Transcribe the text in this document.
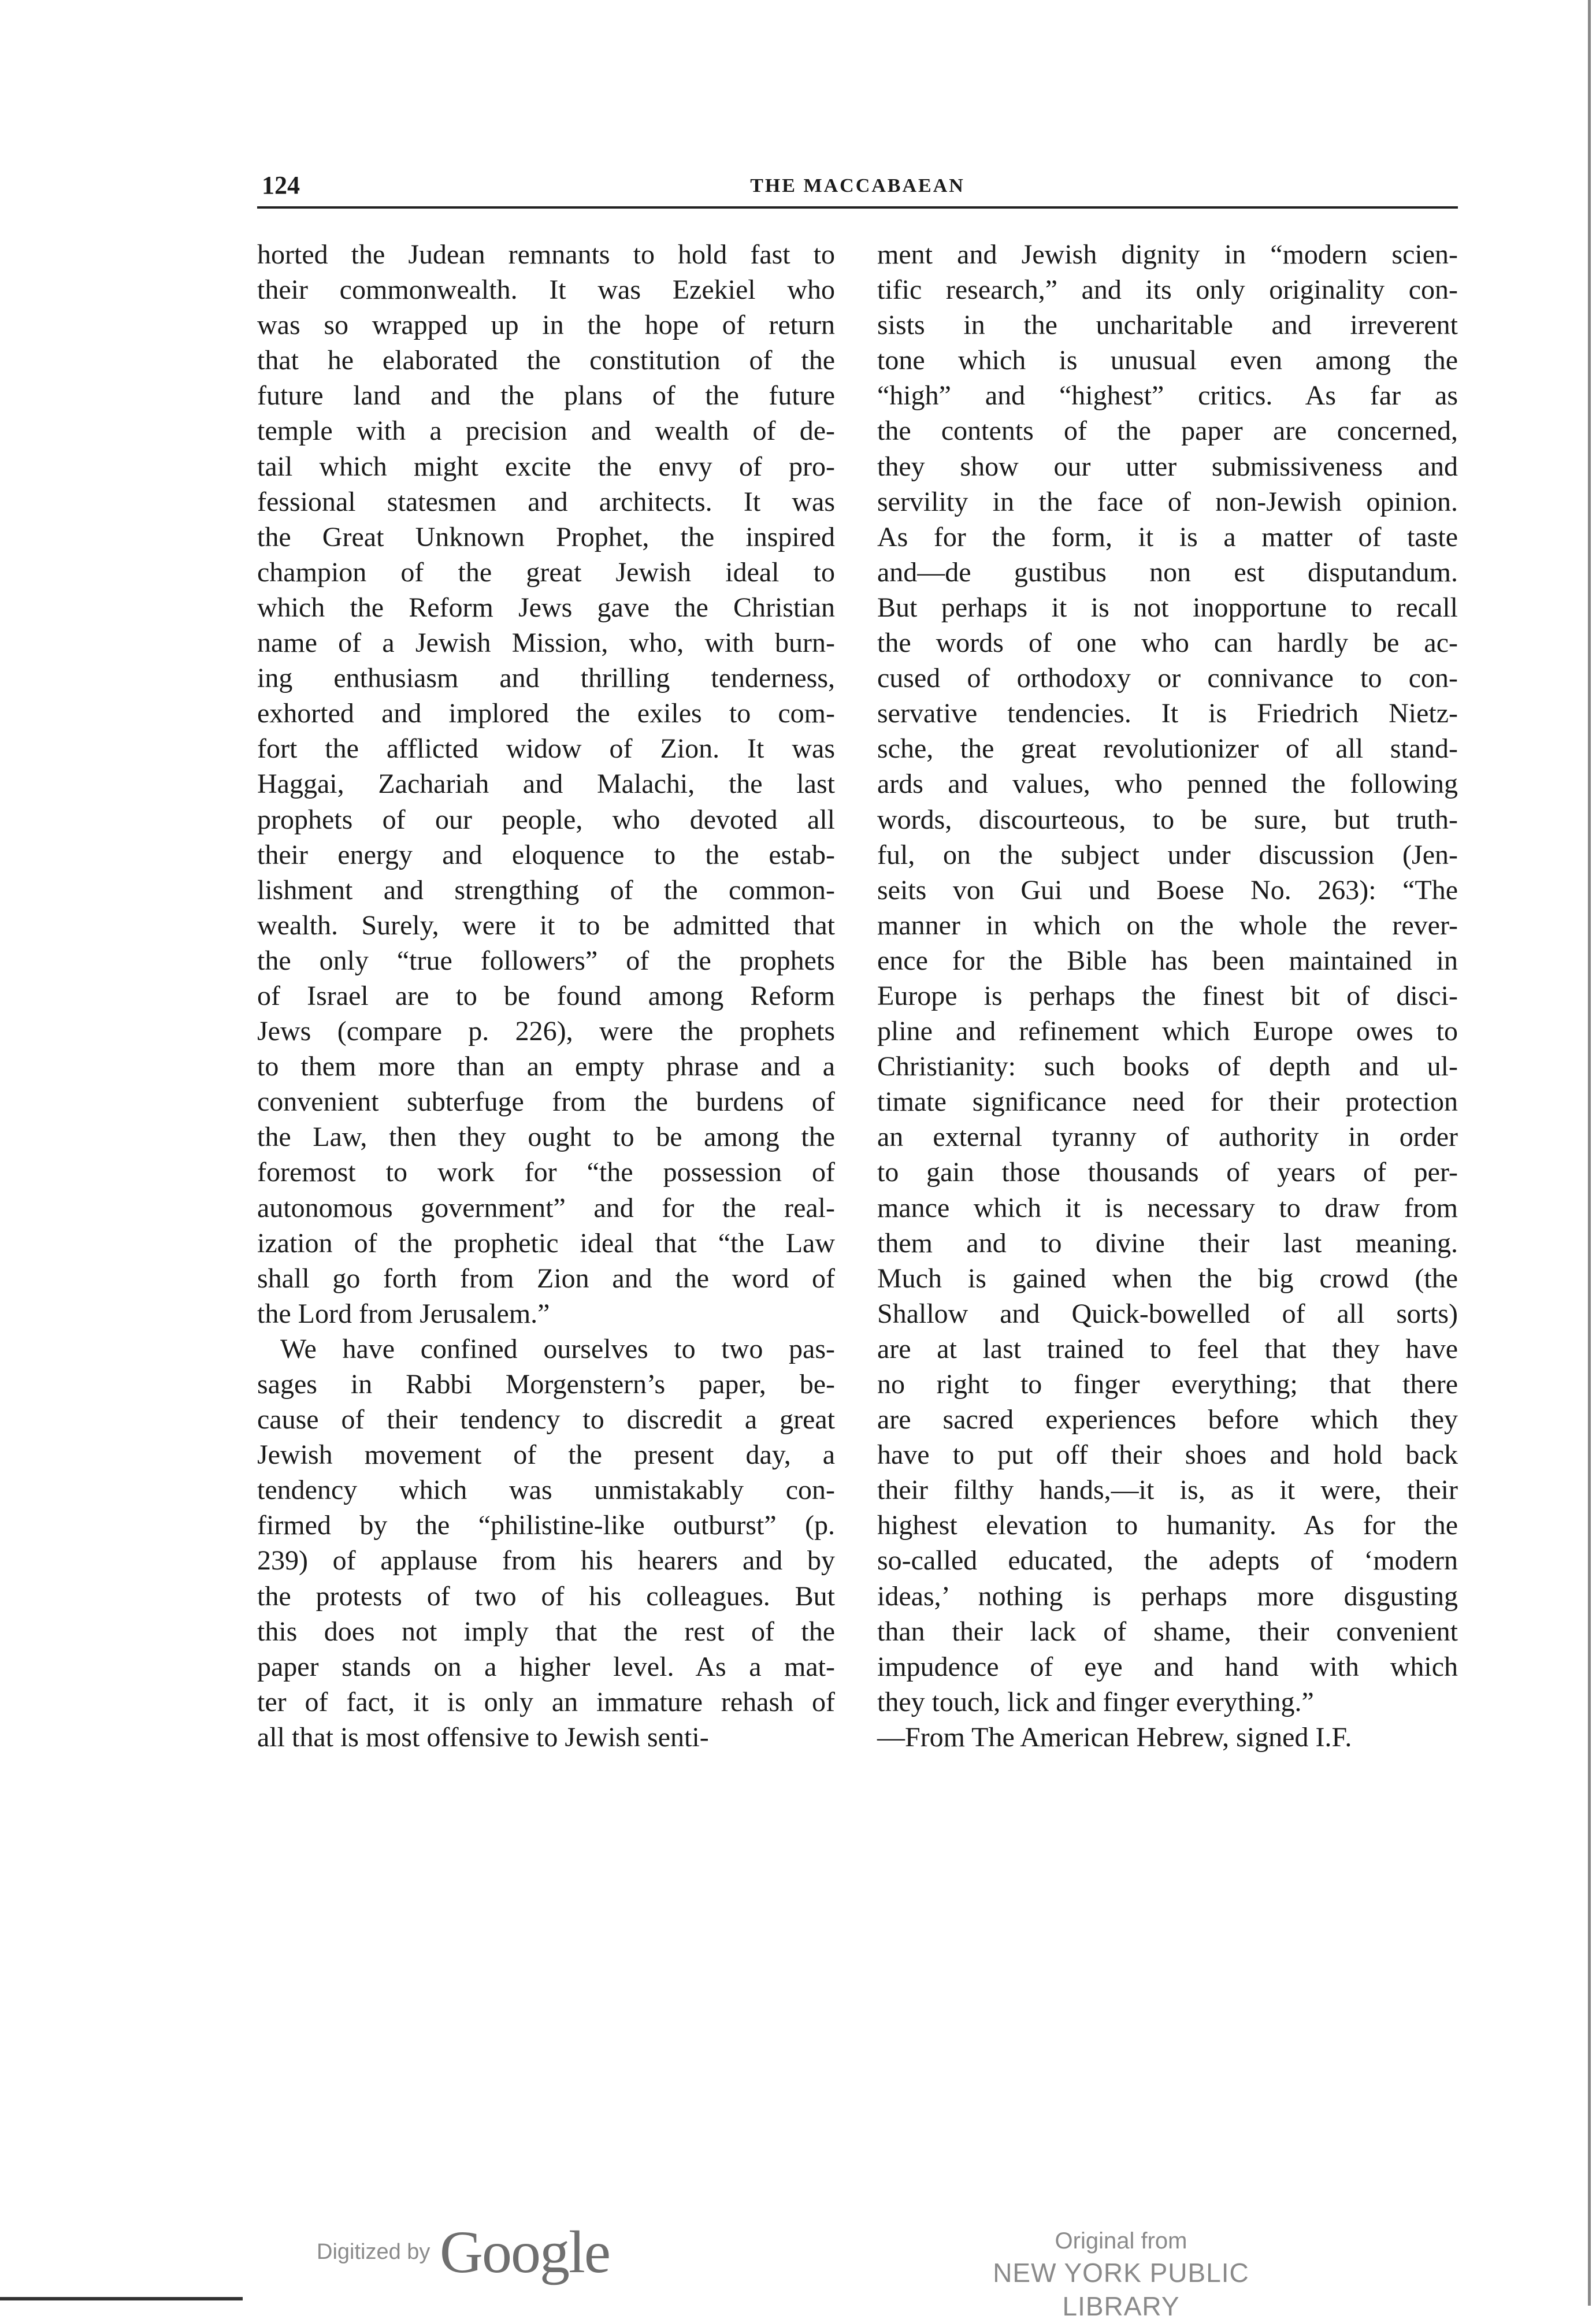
124	THE MACCABAEAN
horted the Judean remnants to hold fast to
their commonwealth. It was Ezekiel who
was so wrapped up in the hope of return
that he elaborated the constitution of the
future land and the plans of the future
temple with a precision and wealth of de-
tail which might excite the envy of pro-
fessional statesmen and architects. It was
the Great Unknown Prophet, the inspired
champion of the great Jewish ideal to
which the Reform Jews gave the Christian
name of a Jewish Mission, who, with burn-
ing enthusiasm and thrilling tenderness,
exhorted and implored the exiles to com-
fort the afflicted widow of Zion. It was
Haggai, Zachariah and Malachi, the last
prophets of our people, who devoted all
their energy and eloquence to the estab-
lishment and strengthing of the common-
wealth. Surely, were it to be admitted that
the only “true followers” of the prophets
of Israel are to be found among Reform
Jews (compare p. 226), were the prophets
to them more than an empty phrase and a
convenient subterfuge from the burdens of
the Law, then they ought to be among the
foremost to work for “the possession of
autonomous government” and for the real-
ization of the prophetic ideal that “the Law
shall go forth from Zion and the word of
the Lord from Jerusalem.”
We have confined ourselves to two pas-
sages in Rabbi Morgenstern’s paper, be-
cause of their tendency to discredit a great
Jewish movement of the present day, a
tendency which was unmistakably con-
firmed by the “philistine-like outburst” (p.
239) of applause from his hearers and by
the protests of two of his colleagues. But
this does not imply that the rest of the
paper stands on a higher level. As a mat-
ter of fact, it is only an immature rehash of
all that is most offensive to Jewish senti-
ment and Jewish dignity in “modern scien-
tific research,” and its only originality con-
sists in the uncharitable and irreverent
tone which is unusual even among the
“high” and “highest” critics. As far as
the contents of the paper are concerned,
they show our utter submissiveness and
servility in the face of non-Jewish opinion.
As for the form, it is a matter of taste
and—de gustibus non est disputandum.
But perhaps it is not inopportune to recall
the words of one who can hardly be ac-
cused of orthodoxy or connivance to con-
servative tendencies. It is Friedrich Nietz-
sche, the great revolutionizer of all stand-
ards and values, who penned the following
words, discourteous, to be sure, but truth-
ful, on the subject under discussion (Jen-
seits von Gui und Boese No. 263): “The
manner in which on the whole the rever-
ence for the Bible has been maintained in
Europe is perhaps the finest bit of disci-
pline and refinement which Europe owes to
Christianity: such books of depth and ul-
timate significance need for their protection
an external tyranny of authority in order
to gain those thousands of years of per-
mance which it is necessary to draw from
them and to divine their last meaning.
Much is gained when the big crowd (the
Shallow and Quick-bowelled of all sorts)
are at last trained to feel that they have
no right to finger everything; that there
are sacred experiences before which they
have to put off their shoes and hold back
their filthy hands,—it is, as it were, their
highest elevation to humanity. As for the
so-called educated, the adepts of ‘modern
ideas,’ nothing is perhaps more disgusting
than their lack of shame, their convenient
impudence of eye and hand with which
they touch, lick and finger everything.”
—From The American Hebrew, signed I.F.
Digitized by Google	Original from
NEW YORK PUBLIC LIBRARY
